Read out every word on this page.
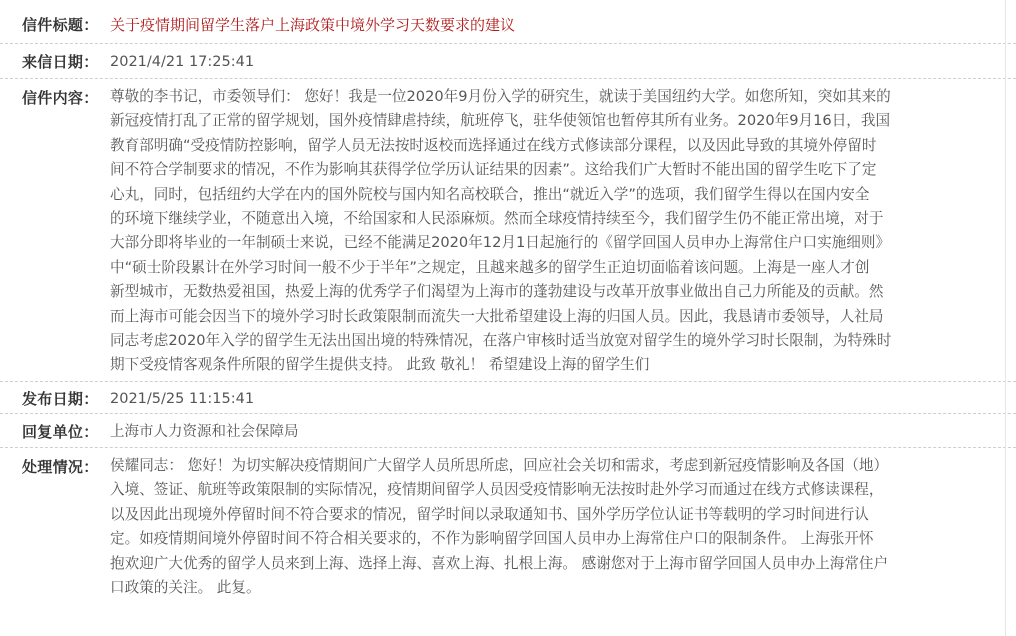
信件标题： 关于疫情期间留学生落户上海政策中境外学习天数要求的建议
来信日期： 2021/4/21 17:25:41
信件内容： 尊敬的李书记，市委领导们： 您好！我是一位2020年9月份入学的研究生，就读于美国纽约大学。如您所知，突如其来的
新冠疫情打乱了正常的留学规划，国外疫情肆虐持续，航班停飞，驻华使领馆也暂停其所有业务。2020年9月16日，我国
教育部明确“受疫情防控影响，留学人员无法按时返校而选择通过在线方式修读部分课程，以及因此导致的其境外停留时
间不符合学制要求的情况，不作为影响其获得学位学历认证结果的因素”。这给我们广大暂时不能出国的留学生吃下了定
心丸，同时，包括纽约大学在内的国外院校与国内知名高校联合，推出“就近入学”的选项，我们留学生得以在国内安全
的环境下继续学业，不随意出入境，不给国家和人民添麻烦。然而全球疫情持续至今，我们留学生仍不能正常出境，对于
大部分即将毕业的一年制硕士来说，已经不能满足2020年12月1日起施行的《留学回国人员申办上海常住户口实施细则》
中“硕士阶段累计在外学习时间一般不少于半年”之规定，且越来越多的留学生正迫切面临着该问题。上海是一座人才创
新型城市，无数热爱祖国，热爱上海的优秀学子们渴望为上海市的蓬勃建设与改革开放事业做出自己力所能及的贡献。然
而上海市可能会因当下的境外学习时长政策限制而流失一大批希望建设上海的归国人员。因此，我恳请市委领导，人社局
同志考虑2020年入学的留学生无法出国出境的特殊情况，在落户审核时适当放宽对留学生的境外学习时长限制，为特殊时
期下受疫情客观条件所限的留学生提供支持。 此致 敬礼！ 希望建设上海的留学生们
发布日期： 2021/5/25 11:15:41
回复单位： 上海市人力资源和社会保障局
处理情况： 侯耀同志： 您好！为切实解决疫情期间广大留学人员所思所虑，回应社会关切和需求，考虑到新冠疫情影响及各国（地）
入境、签证、航班等政策限制的实际情况，疫情期间留学人员因受疫情影响无法按时赴外学习而通过在线方式修读课程，
以及因此出现境外停留时间不符合要求的情况，留学时间以录取通知书、国外学历学位认证书等载明的学习时间进行认
定。如疫情期间境外停留时间不符合相关要求的，不作为影响留学回国人员申办上海常住户口的限制条件。 上海张开怀
抱欢迎广大优秀的留学人员来到上海、选择上海、喜欢上海、扎根上海。 感谢您对于上海市留学回国人员申办上海常住户
口政策的关注。 此复。
